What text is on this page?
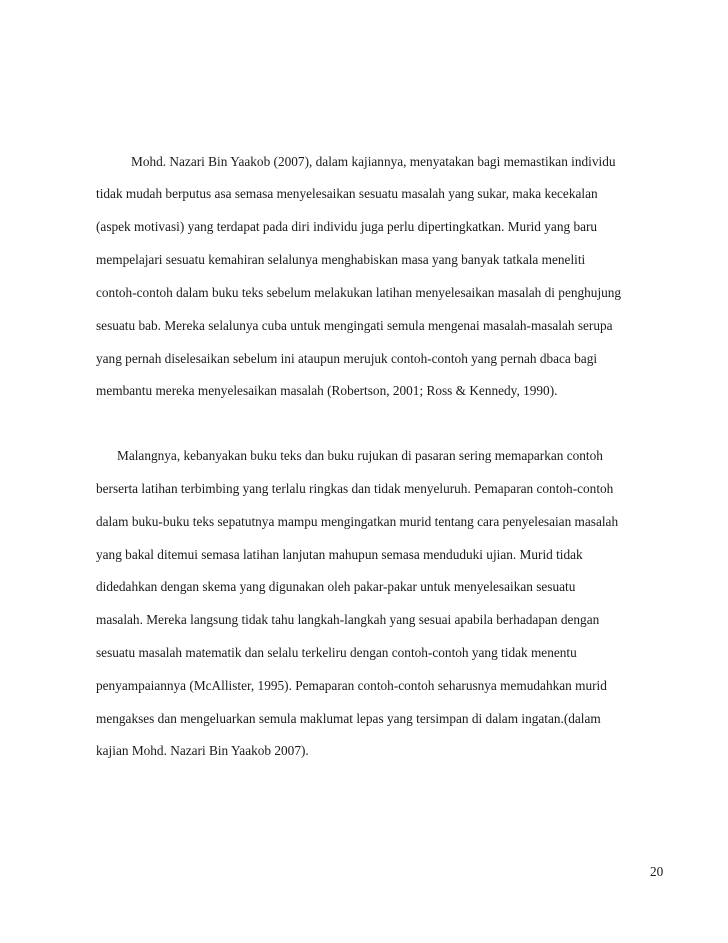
Mohd. Nazari Bin Yaakob (2007), dalam kajiannya, menyatakan bagi memastikan individu
tidak mudah berputus asa semasa menyelesaikan sesuatu masalah yang sukar, maka kecekalan
(aspek motivasi) yang terdapat pada diri individu juga perlu dipertingkatkan. Murid yang baru
mempelajari sesuatu kemahiran selalunya menghabiskan masa yang banyak tatkala meneliti
contoh-contoh dalam buku teks sebelum melakukan latihan menyelesaikan masalah di penghujung
sesuatu bab. Mereka selalunya cuba untuk mengingati semula mengenai masalah-masalah serupa
yang pernah diselesaikan sebelum ini ataupun merujuk contoh-contoh yang pernah dbaca bagi
membantu mereka menyelesaikan masalah (Robertson, 2001; Ross & Kennedy, 1990).
Malangnya, kebanyakan buku teks dan buku rujukan di pasaran sering memaparkan contoh
berserta latihan terbimbing yang terlalu ringkas dan tidak menyeluruh. Pemaparan contoh-contoh
dalam buku-buku teks sepatutnya mampu mengingatkan murid tentang cara penyelesaian masalah
yang bakal ditemui semasa latihan lanjutan mahupun semasa menduduki ujian. Murid tidak
didedahkan dengan skema yang digunakan oleh pakar-pakar untuk menyelesaikan sesuatu
masalah. Mereka langsung tidak tahu langkah-langkah yang sesuai apabila berhadapan dengan
sesuatu masalah matematik dan selalu terkeliru dengan contoh-contoh yang tidak menentu
penyampaiannya (McAllister, 1995). Pemaparan contoh-contoh seharusnya memudahkan murid
mengakses dan mengeluarkan semula maklumat lepas yang tersimpan di dalam ingatan.(dalam
kajian Mohd. Nazari Bin Yaakob 2007).
20
